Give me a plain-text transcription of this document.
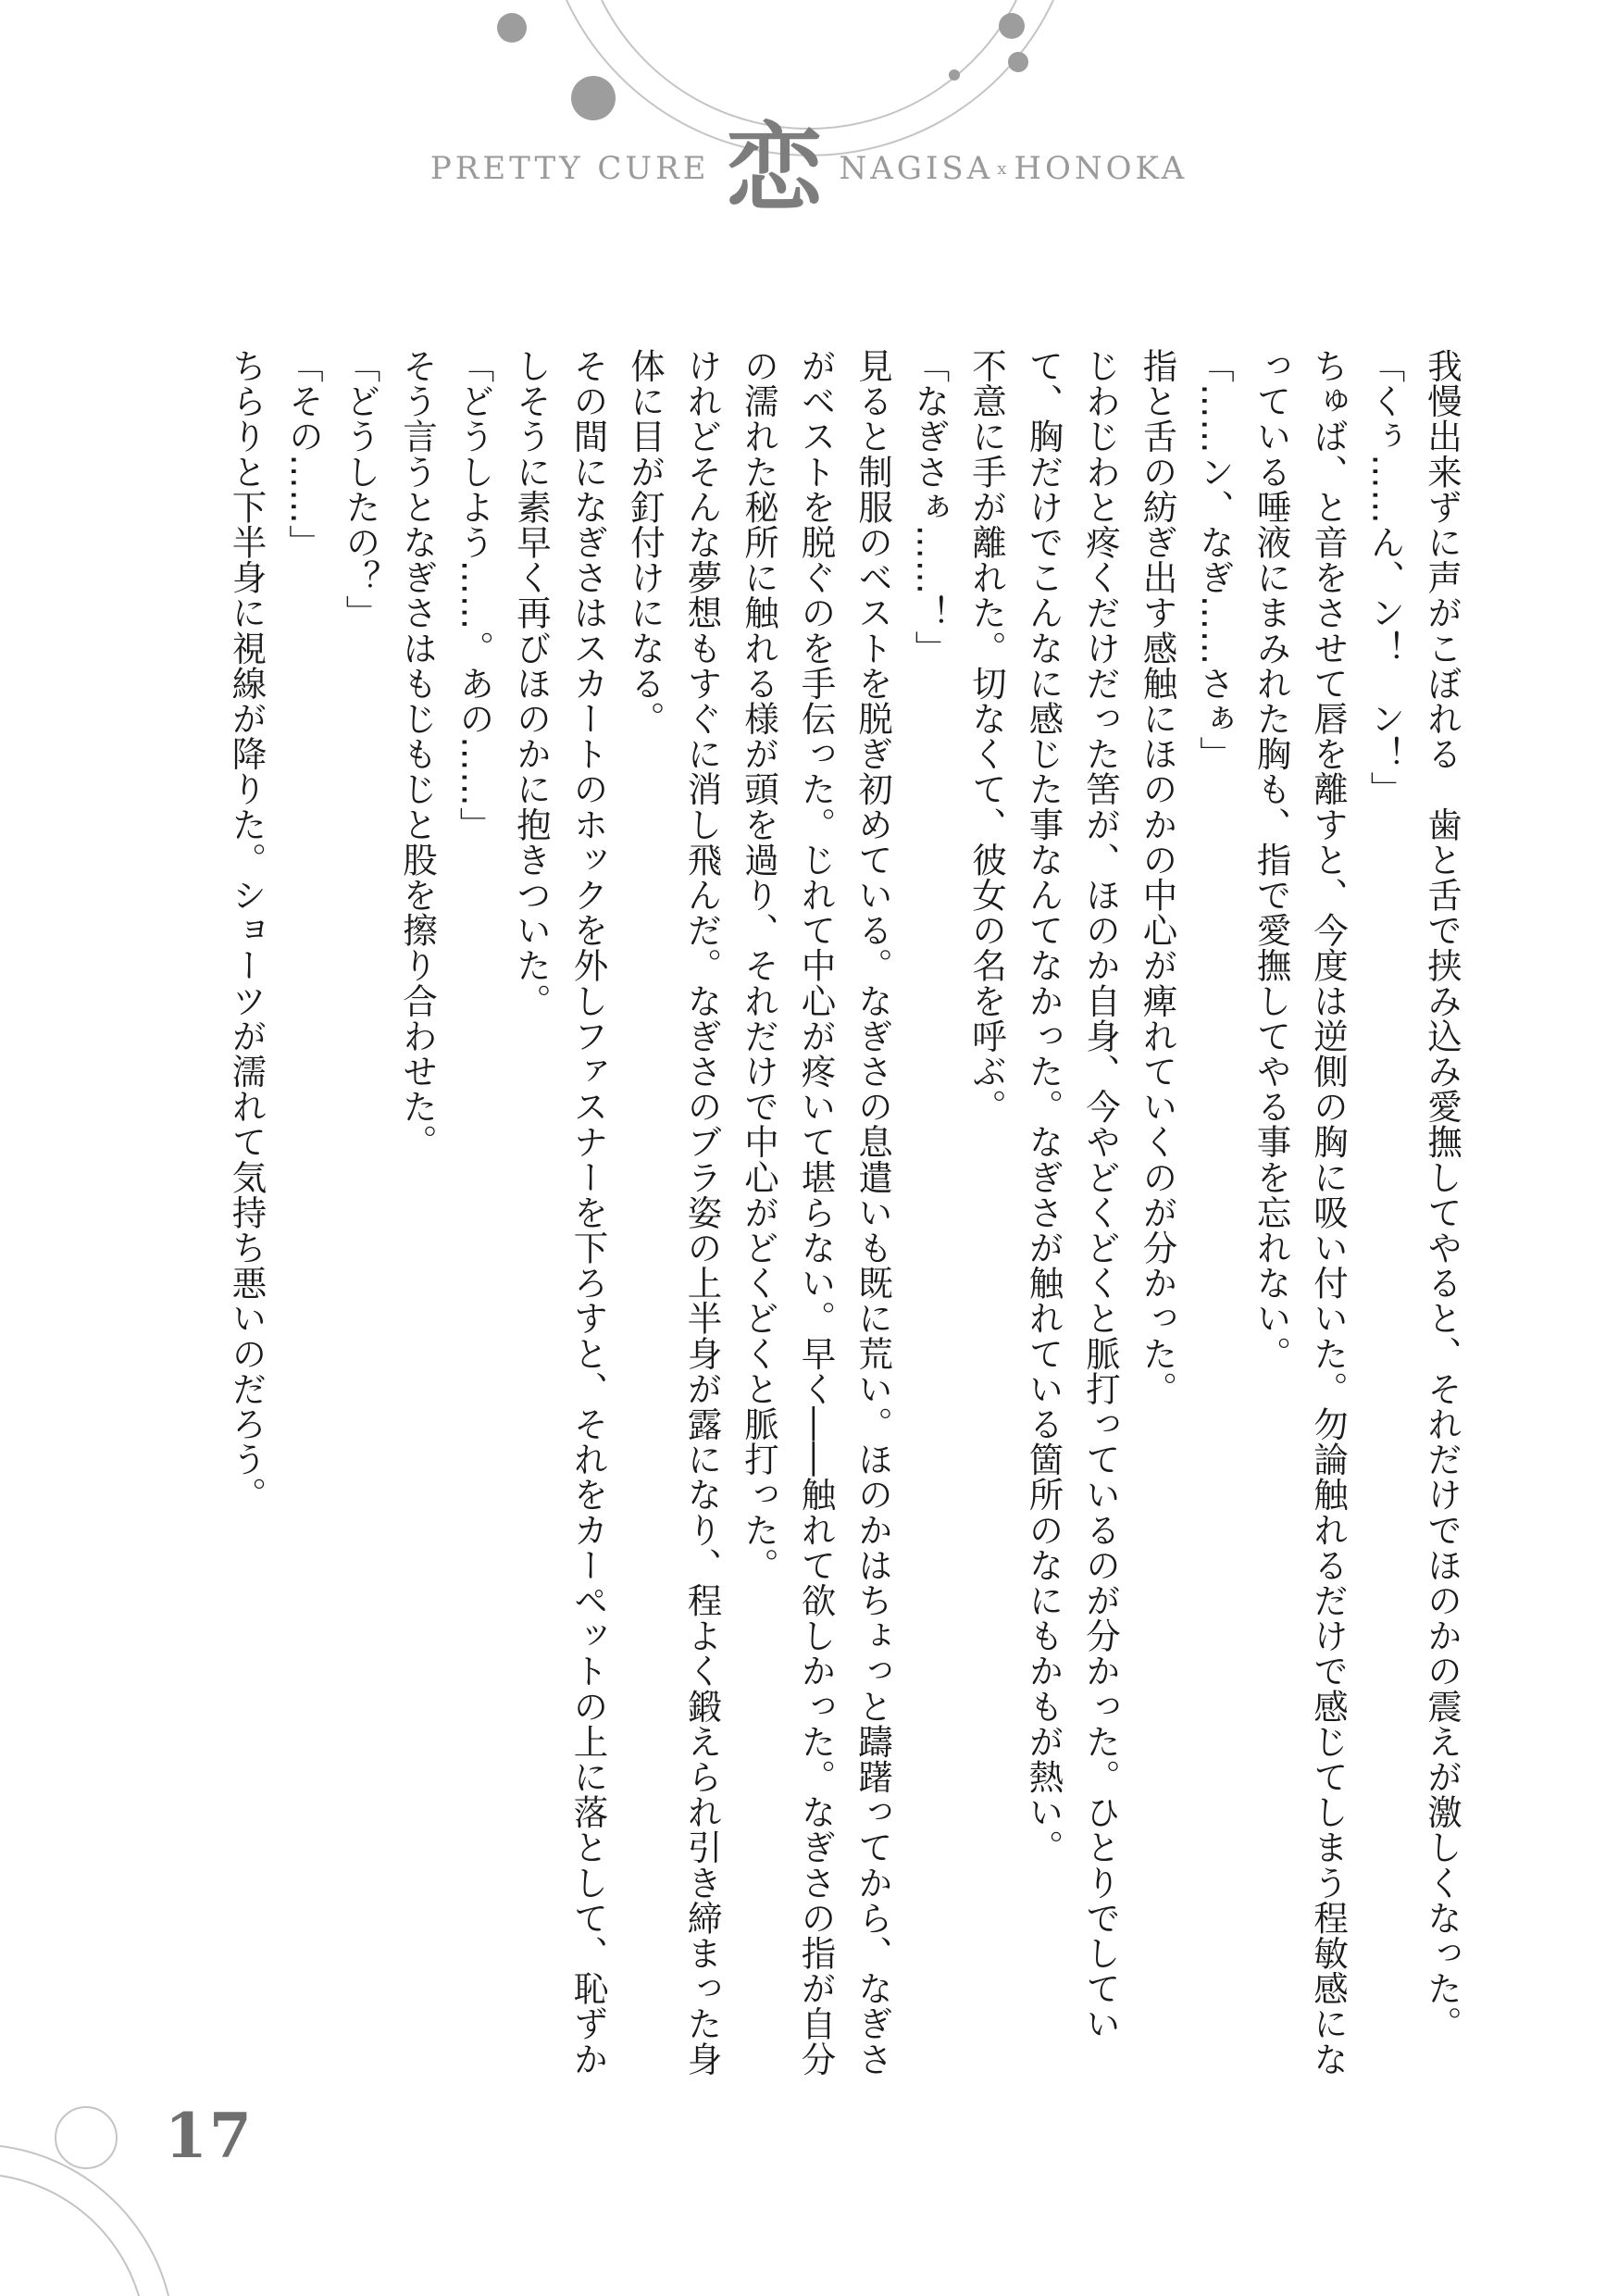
PRETTY CURE 恋 NAGISA x HONOKA

我慢出来ずに声がこぼれる　歯と舌で挟み込み愛撫してやると、それだけでほのかの震えが激しくなった。

「くぅ……ん、ン！　ン！」

ちゅば、と音をさせて唇を離すと、今度は逆側の胸に吸い付いた。勿論触れるだけで感じてしまう程敏感になっている唾液にまみれた胸も、指で愛撫してやる事を忘れない。

「……ン、なぎ……さぁ」

指と舌の紡ぎ出す感触にほのかの中心が痺れていくのが分かった。

じわじわと疼くだけだった筈が、ほのか自身、今やどくどくと脈打っているのが分かった。ひとりでしていて、胸だけでこんなに感じた事なんてなかった。なぎさが触れている箇所のなにもかもが熱い。

不意に手が離れた。切なくて、彼女の名を呼ぶ。

「なぎさぁ……！」

見ると制服のベストを脱ぎ初めている。なぎさの息遣いも既に荒い。ほのかはちょっと躊躇ってから、なぎさがベストを脱ぐのを手伝った。じれて中心が疼いて堪らない。早く――触れて欲しかった。なぎさの指が自分の濡れた秘所に触れる様が頭を過り、それだけで中心がどくどくと脈打った。

けれどそんな夢想もすぐに消し飛んだ。なぎさのブラ姿の上半身が露になり、程よく鍛えられ引き締まった身体に目が釘付けになる。

その間になぎさはスカートのホックを外しファスナーを下ろすと、それをカーペットの上に落として、恥ずかしそうに素早く再びほのかに抱きついた。

「どうしよう……。あの……」

そう言うとなぎさはもじもじと股を擦り合わせた。

「どうしたの？」

「その……」

ちらりと下半身に視線が降りた。ショーツが濡れて気持ち悪いのだろう。

17
